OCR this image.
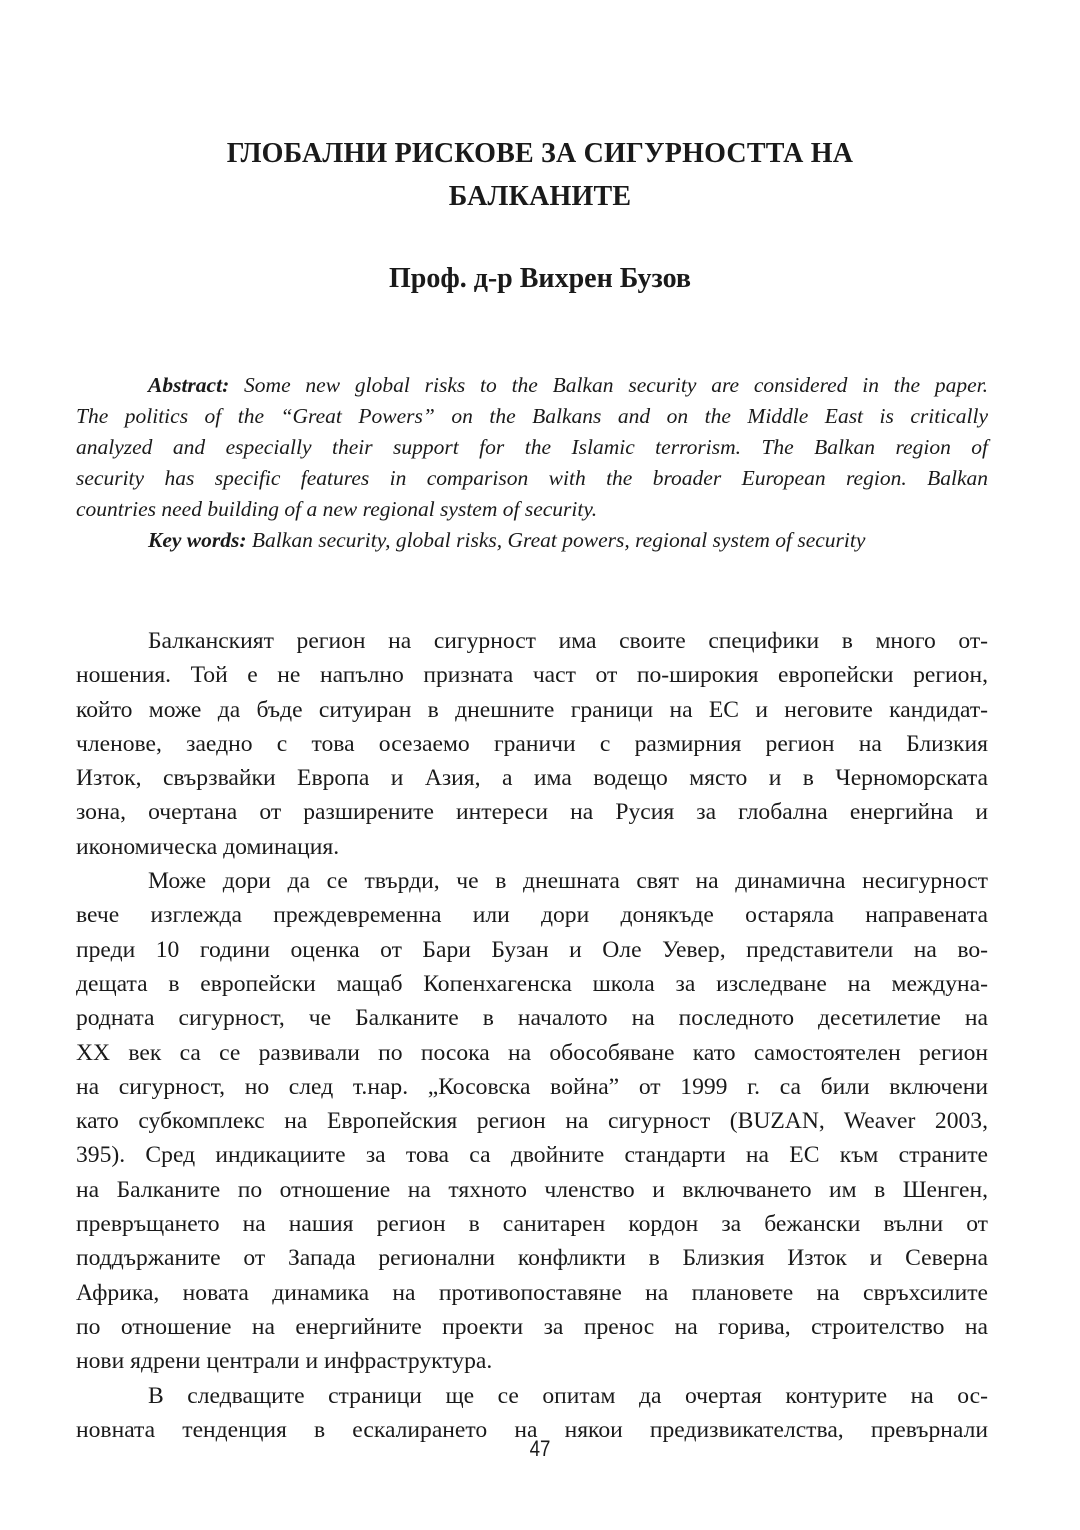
ГЛОБАЛНИ РИСКОВЕ ЗА СИГУРНОСТТА НА
БАЛКАНИТЕ
Проф. д-р Вихрен Бузов
Abstract: Some new global risks to the Balkan security are considered in the paper.
The politics of the “Great Powers” on the Balkans and on the Middle East is critically
analyzed and especially their support for the Islamic terrorism. The Balkan region of
security has specific features in comparison with the broader European region. Balkan
countries need building of a new regional system of security.
Key words: Balkan security, global risks, Great powers, regional system of security
Балканският регион на сигурност има своите специфики в много от-
ношения. Той е не напълно призната част от по-широкия европейски регион,
който може да бъде ситуиран в днешните граници на ЕС и неговите кандидат-
членове, заедно с това осезаемо граничи с размирния регион на Близкия
Изток, свързвайки Европа и Азия, а има водещо място и в Черноморската
зона, очертана от разширените интереси на Русия за глобална енергийна и
икономическа доминация.
Може дори да се твърди, че в днешната свят на динамична несигурност
вече изглежда преждевременна или дори донякъде остаряла направената
преди 10 години оценка от Бари Бузан и Оле Уевер, представители на во-
дещата в европейски мащаб Копенхагенска школа за изследване на междуна-
родната сигурност, че Балканите в началото на последното десетилетие на
XX век са се развивали по посока на обособяване като самостоятелен регион
на сигурност, но след т.нар. „Косовска война” от 1999 г. са били включени
като субкомплекс на Европейския регион на сигурност (BUZAN, Weaver 2003,
395). Сред индикациите за това са двойните стандарти на ЕС към страните
на Балканите по отношение на тяхното членство и включването им в Шенген,
превръщането на нашия регион в санитарен кордон за бежански вълни от
поддържаните от Запада регионални конфликти в Близкия Изток и Северна
Африка, новата динамика на противопоставяне на плановете на свръхсилите
по отношение на енергийните проекти за пренос на горива, строителство на
нови ядрени централи и инфраструктура.
В следващите страници ще се опитам да очертая контурите на ос-
новната тенденция в ескалирането на някои предизвикателства, превърнали
47
